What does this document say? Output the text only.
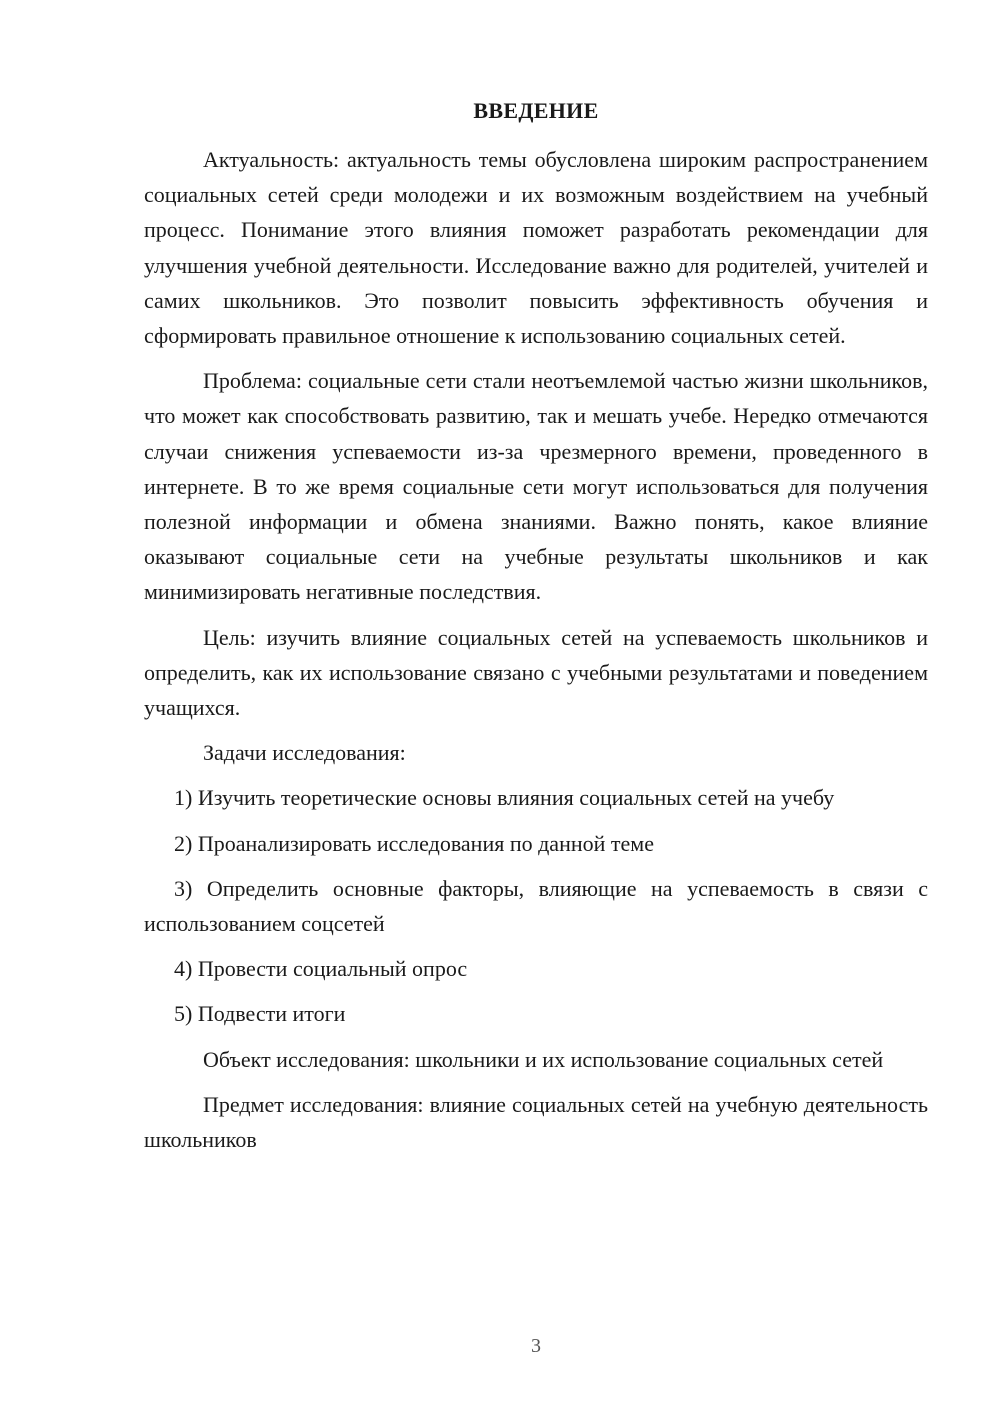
ВВЕДЕНИЕ

Актуальность: актуальность темы обусловлена широким распространением социальных сетей среди молодежи и их возможным воздействием на учебный процесс. Понимание этого влияния поможет разработать рекомендации для улучшения учебной деятельности. Исследование важно для родителей, учителей и самих школьников. Это позволит повысить эффективность обучения и сформировать правильное отношение к использованию социальных сетей.

Проблема: социальные сети стали неотъемлемой частью жизни школьников, что может как способствовать развитию, так и мешать учебе. Нередко отмечаются случаи снижения успеваемости из-за чрезмерного времени, проведенного в интернете. В то же время социальные сети могут использоваться для получения полезной информации и обмена знаниями. Важно понять, какое влияние оказывают социальные сети на учебные результаты школьников и как минимизировать негативные последствия.

Цель: изучить влияние социальных сетей на успеваемость школьников и определить, как их использование связано с учебными результатами и поведением учащихся.

Задачи исследования:

1) Изучить теоретические основы влияния социальных сетей на учебу

2) Проанализировать исследования по данной теме

3) Определить основные факторы, влияющие на успеваемость в связи с использованием соцсетей

4) Провести социальный опрос

5) Подвести итоги

Объект исследования: школьники и их использование социальных сетей

Предмет исследования: влияние социальных сетей на учебную деятельность школьников

3
